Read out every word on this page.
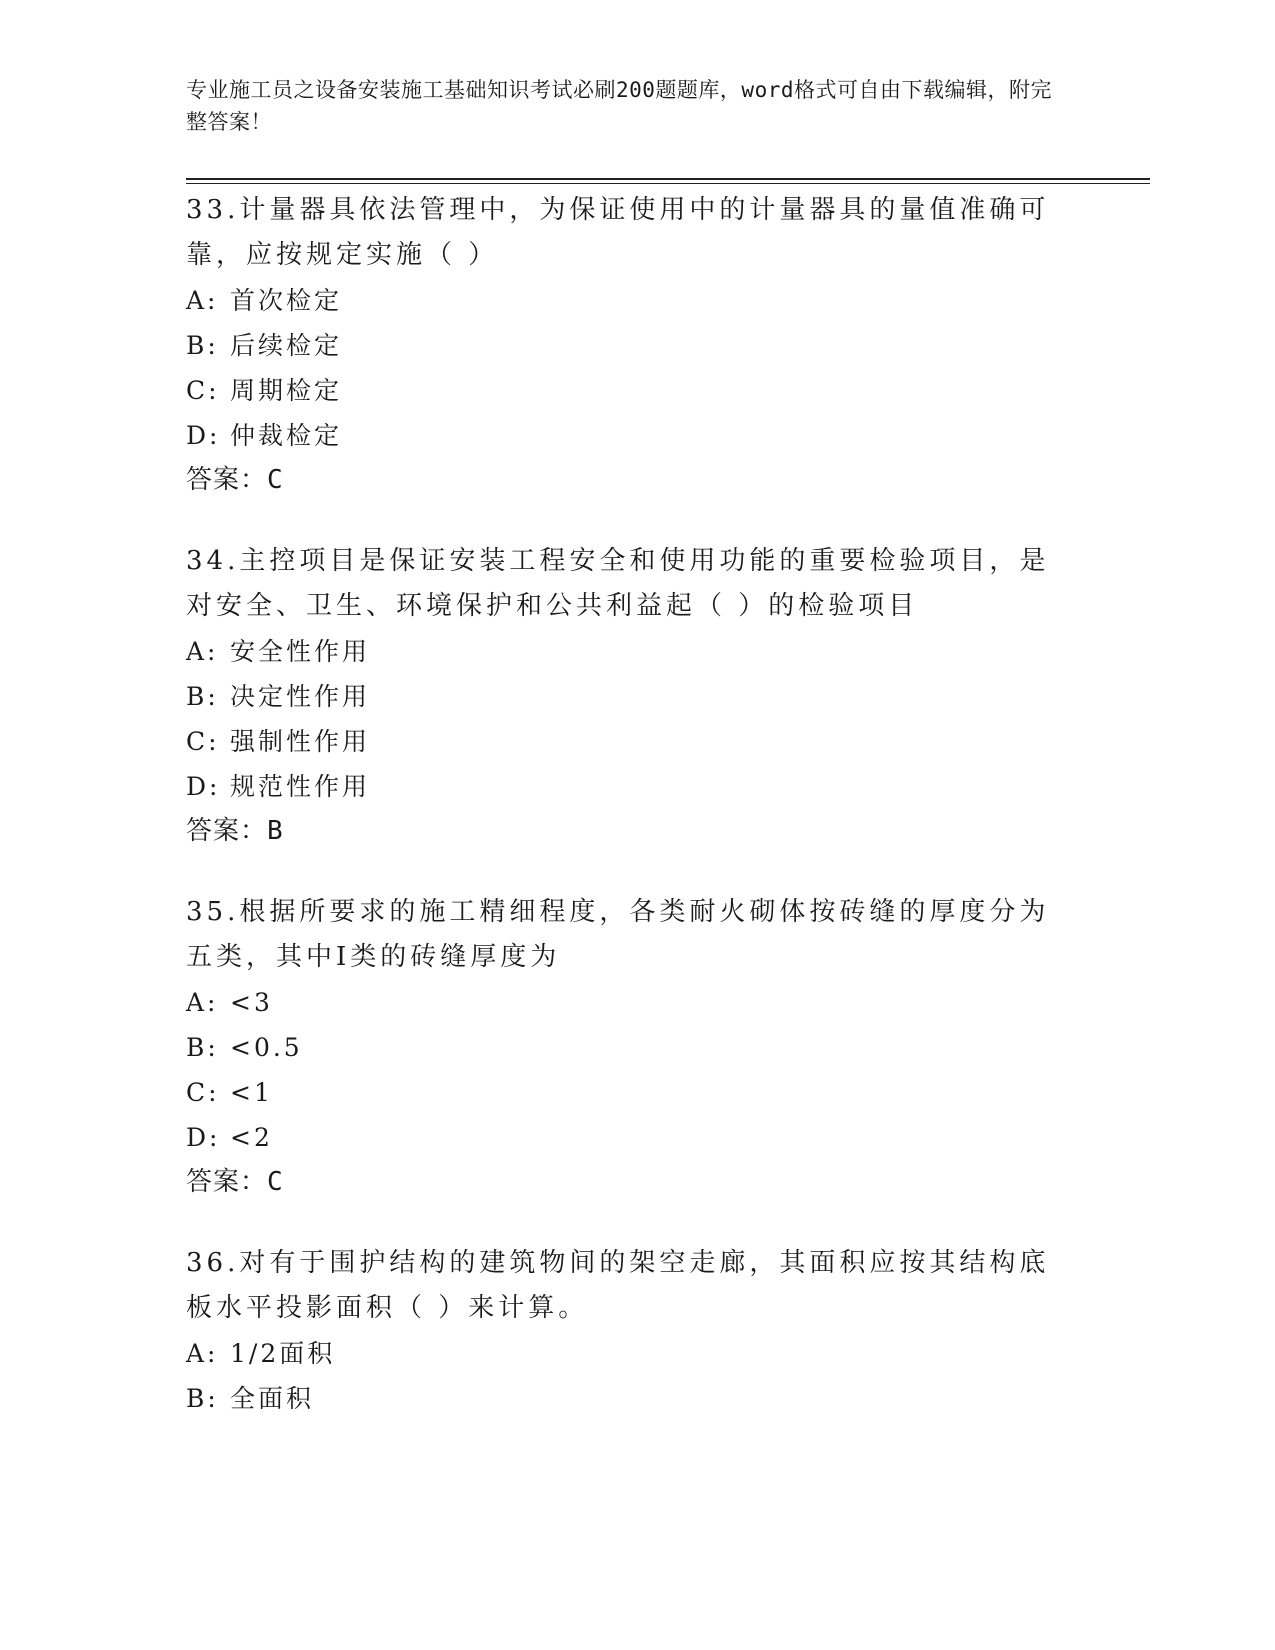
专业施工员之设备安装施工基础知识考试必刷200题题库，word格式可自由下载编辑，附完整答案！

33.计量器具依法管理中，为保证使用中的计量器具的量值准确可靠，应按规定实施（ ）

A: 首次检定

B: 后续检定

C: 周期检定

D: 仲裁检定

答案：C

34.主控项目是保证安装工程安全和使用功能的重要检验项目，是对安全、卫生、环境保护和公共利益起（ ）的检验项目

A: 安全性作用

B: 决定性作用

C: 强制性作用

D: 规范性作用

答案：B

35.根据所要求的施工精细程度，各类耐火砌体按砖缝的厚度分为五类，其中Ⅰ类的砖缝厚度为

A: <3

B: <0.5

C: <1

D: <2

答案：C

36.对有于围护结构的建筑物间的架空走廊，其面积应按其结构底板水平投影面积（ ）来计算。

A: 1/2面积

B: 全面积
